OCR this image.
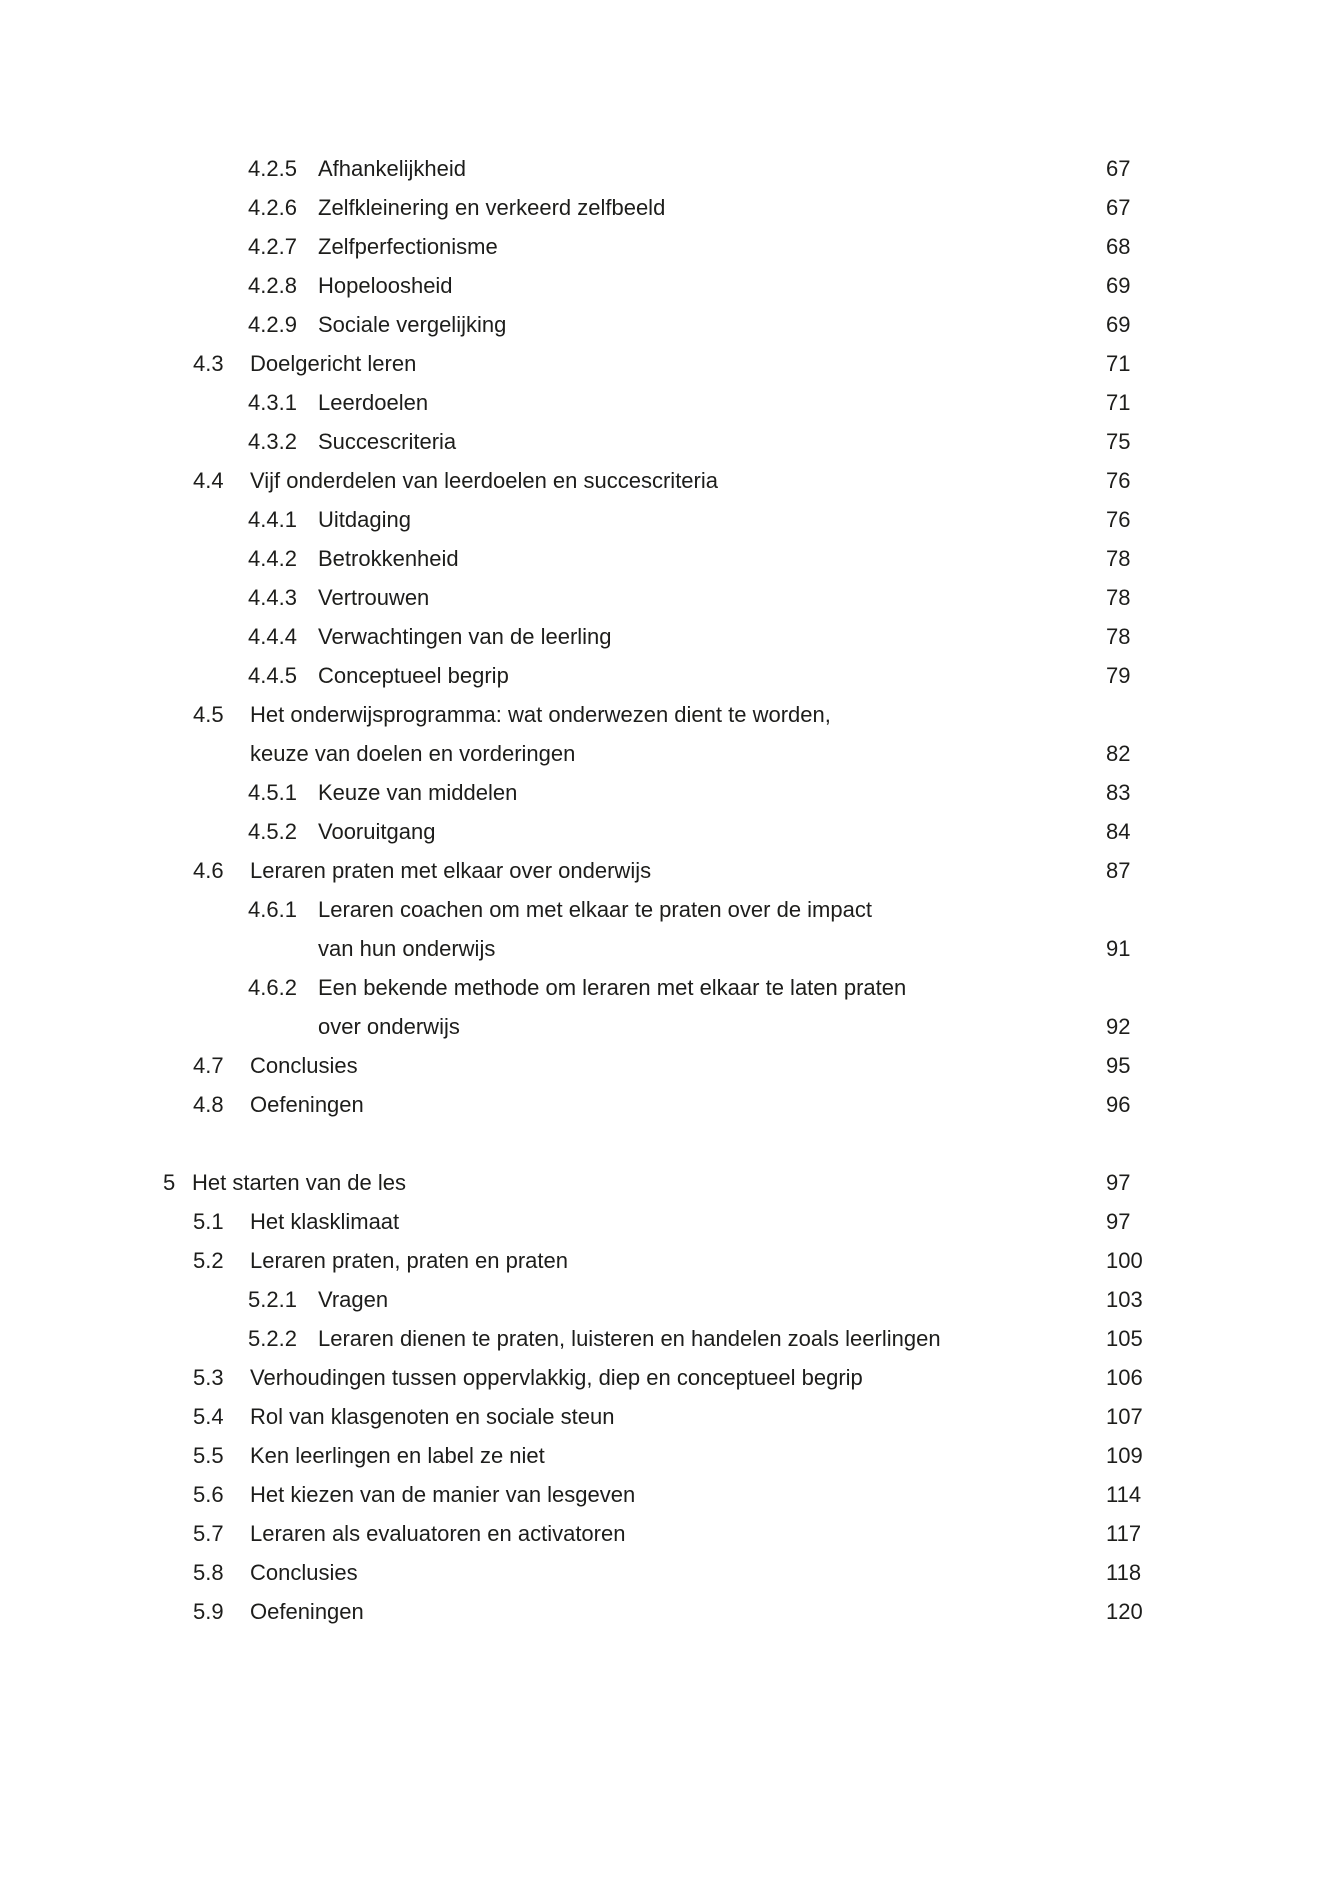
4.2.5 Afhankelijkheid	67
4.2.6 Zelfkleinering en verkeerd zelfbeeld	67
4.2.7 Zelfperfectionisme	68
4.2.8 Hopeloosheid	69
4.2.9 Sociale vergelijking	69
4.3 Doelgericht leren	71
4.3.1 Leerdoelen	71
4.3.2 Succescriteria	75
4.4 Vijf onderdelen van leerdoelen en succescriteria	76
4.4.1 Uitdaging	76
4.4.2 Betrokkenheid	78
4.4.3 Vertrouwen	78
4.4.4 Verwachtingen van de leerling	78
4.4.5 Conceptueel begrip	79
4.5 Het onderwijsprogramma: wat onderwezen dient te worden,
keuze van doelen en vorderingen	82
4.5.1 Keuze van middelen	83
4.5.2 Vooruitgang	84
4.6 Leraren praten met elkaar over onderwijs	87
4.6.1 Leraren coachen om met elkaar te praten over de impact
van hun onderwijs	91
4.6.2 Een bekende methode om leraren met elkaar te laten praten
over onderwijs	92
4.7 Conclusies	95
4.8 Oefeningen	96
5 Het starten van de les	97
5.1 Het klasklimaat	97
5.2 Leraren praten, praten en praten	100
5.2.1 Vragen	103
5.2.2 Leraren dienen te praten, luisteren en handelen zoals leerlingen	105
5.3 Verhoudingen tussen oppervlakkig, diep en conceptueel begrip	106
5.4 Rol van klasgenoten en sociale steun	107
5.5 Ken leerlingen en label ze niet	109
5.6 Het kiezen van de manier van lesgeven	114
5.7 Leraren als evaluatoren en activatoren	117
5.8 Conclusies	118
5.9 Oefeningen	120
